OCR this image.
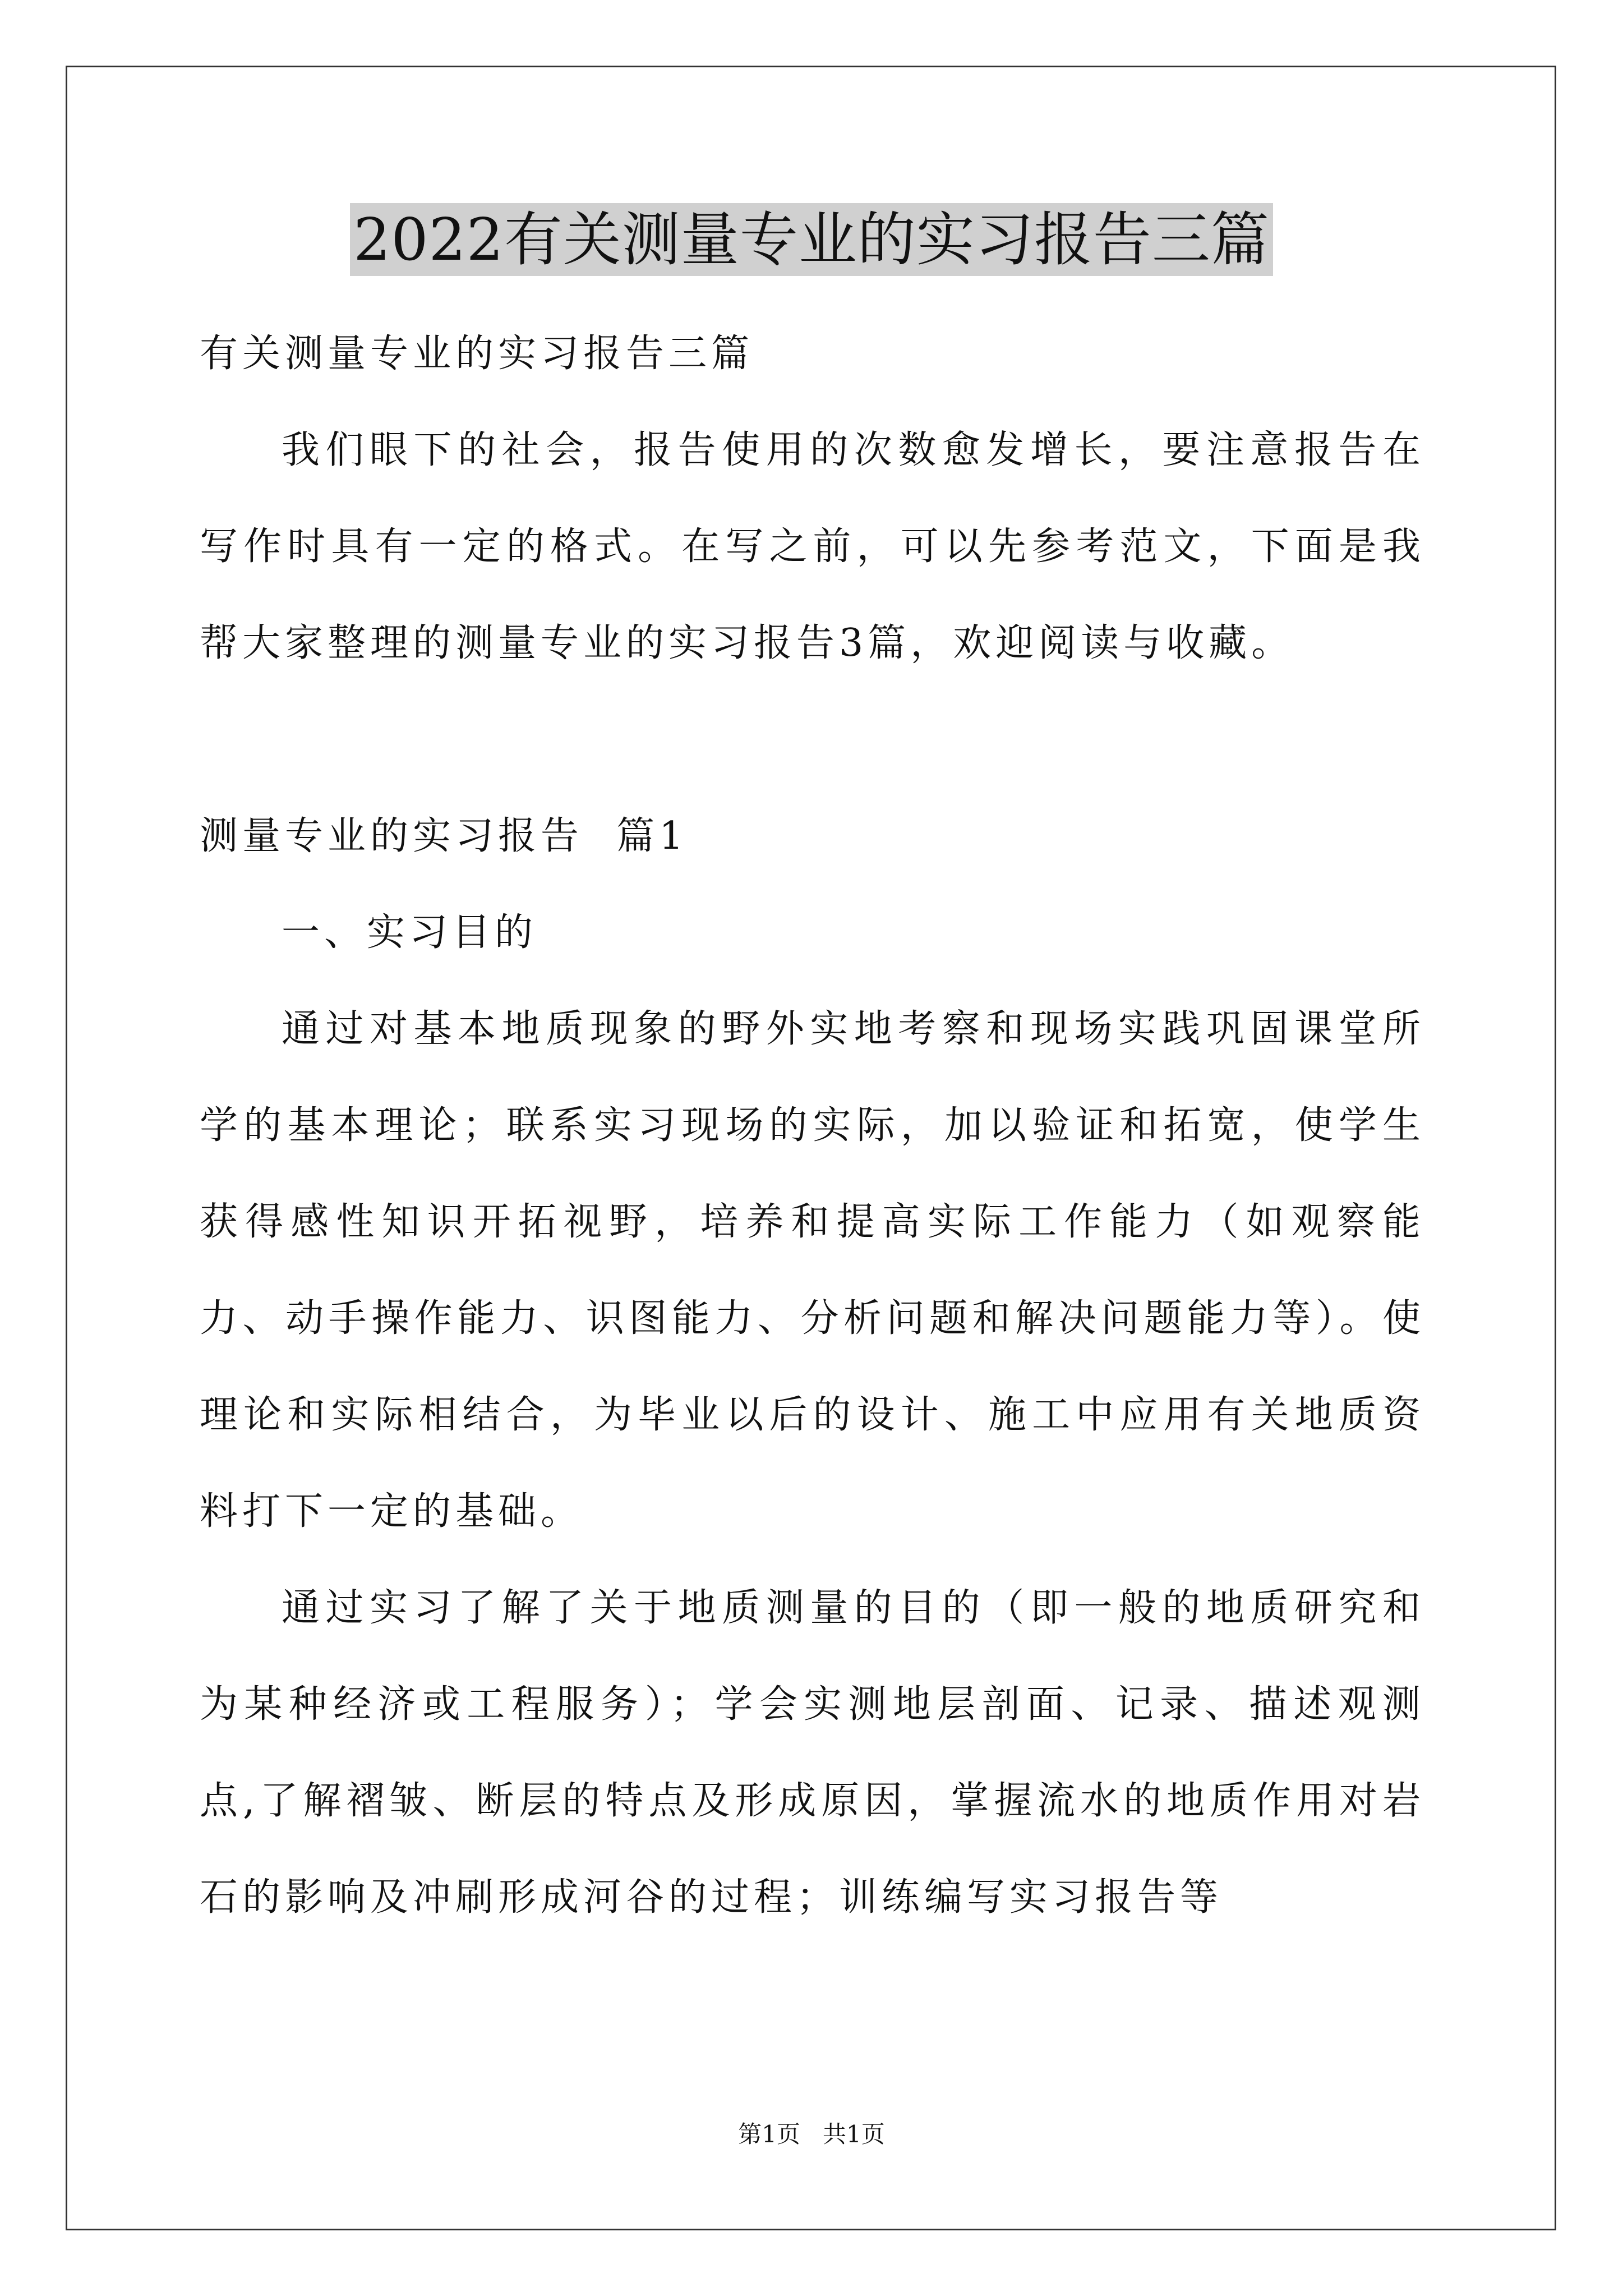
2022有关测量专业的实习报告三篇

有关测量专业的实习报告三篇

我们眼下的社会，报告使用的次数愈发增长，要注意报告在写作时具有一定的格式。在写之前，可以先参考范文，下面是我帮大家整理的测量专业的实习报告3篇，欢迎阅读与收藏。

测量专业的实习报告  篇1

一、实习目的

通过对基本地质现象的野外实地考察和现场实践巩固课堂所学的基本理论；联系实习现场的实际，加以验证和拓宽，使学生获得感性知识开拓视野，培养和提高实际工作能力（如观察能力、动手操作能力、识图能力、分析问题和解决问题能力等）。使理论和实际相结合，为毕业以后的设计、施工中应用有关地质资料打下一定的基础。

通过实习了解了关于地质测量的目的（即一般的地质研究和为某种经济或工程服务）；学会实测地层剖面、记录、描述观测点,了解褶皱、断层的特点及形成原因，掌握流水的地质作用对岩石的影响及冲刷形成河谷的过程；训练编写实习报告等

第1页   共1页
